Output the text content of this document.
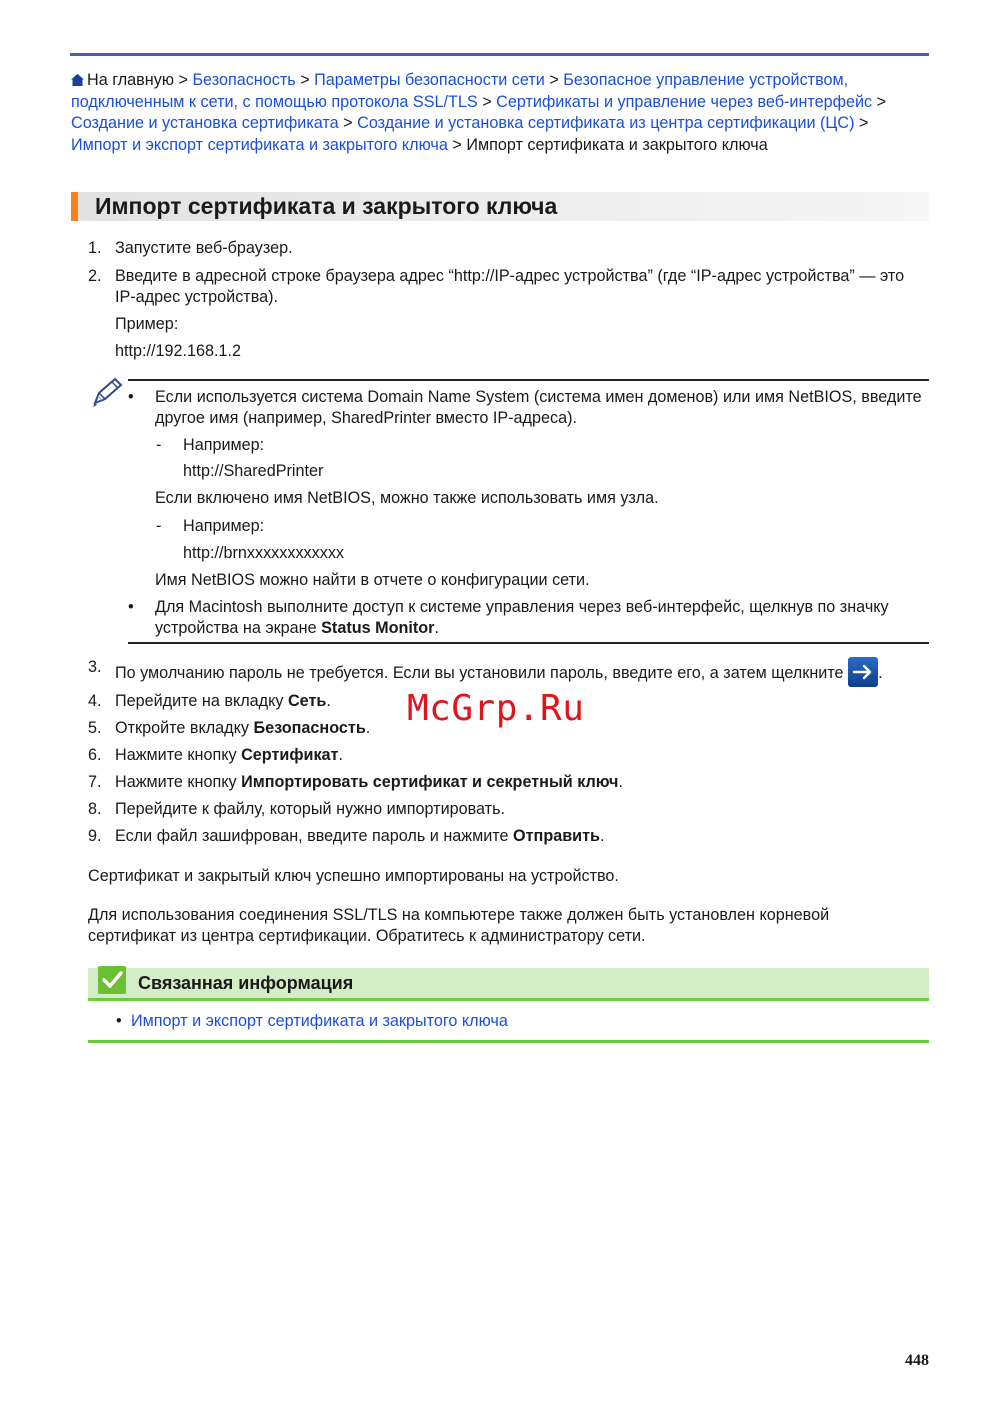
На главную > Безопасность > Параметры безопасности сети > Безопасное управление устройством, подключенным к сети, с помощью протокола SSL/TLS > Сертификаты и управление через веб-интерфейс > Создание и установка сертификата > Создание и установка сертификата из центра сертификации (ЦС) > Импорт и экспорт сертификата и закрытого ключа > Импорт сертификата и закрытого ключа
Импорт сертификата и закрытого ключа
1. Запустите веб-браузер.
2. Введите в адресной строке браузера адрес “http://IP-адрес устройства” (где “IP-адрес устройства” — это IP-адрес устройства).
Пример:
http://192.168.1.2
• Если используется система Domain Name System (система имен доменов) или имя NetBIOS, введите другое имя (например, SharedPrinter вместо IP-адреса).
- Например:
http://SharedPrinter
Если включено имя NetBIOS, можно также использовать имя узла.
- Например:
http://brnxxxxxxxxxxxx
Имя NetBIOS можно найти в отчете о конфигурации сети.
• Для Macintosh выполните доступ к системе управления через веб-интерфейс, щелкнув по значку устройства на экране Status Monitor.
3. По умолчанию пароль не требуется. Если вы установили пароль, введите его, а затем щелкните .
4. Перейдите на вкладку Сеть.
5. Откройте вкладку Безопасность.
6. Нажмите кнопку Сертификат.
7. Нажмите кнопку Импортировать сертификат и секретный ключ.
8. Перейдите к файлу, который нужно импортировать.
9. Если файл зашифрован, введите пароль и нажмите Отправить.
Сертификат и закрытый ключ успешно импортированы на устройство.
Для использования соединения SSL/TLS на компьютере также должен быть установлен корневой сертификат из центра сертификации. Обратитесь к администратору сети.
McGrp.Ru
Связанная информация
• Импорт и экспорт сертификата и закрытого ключа
448
